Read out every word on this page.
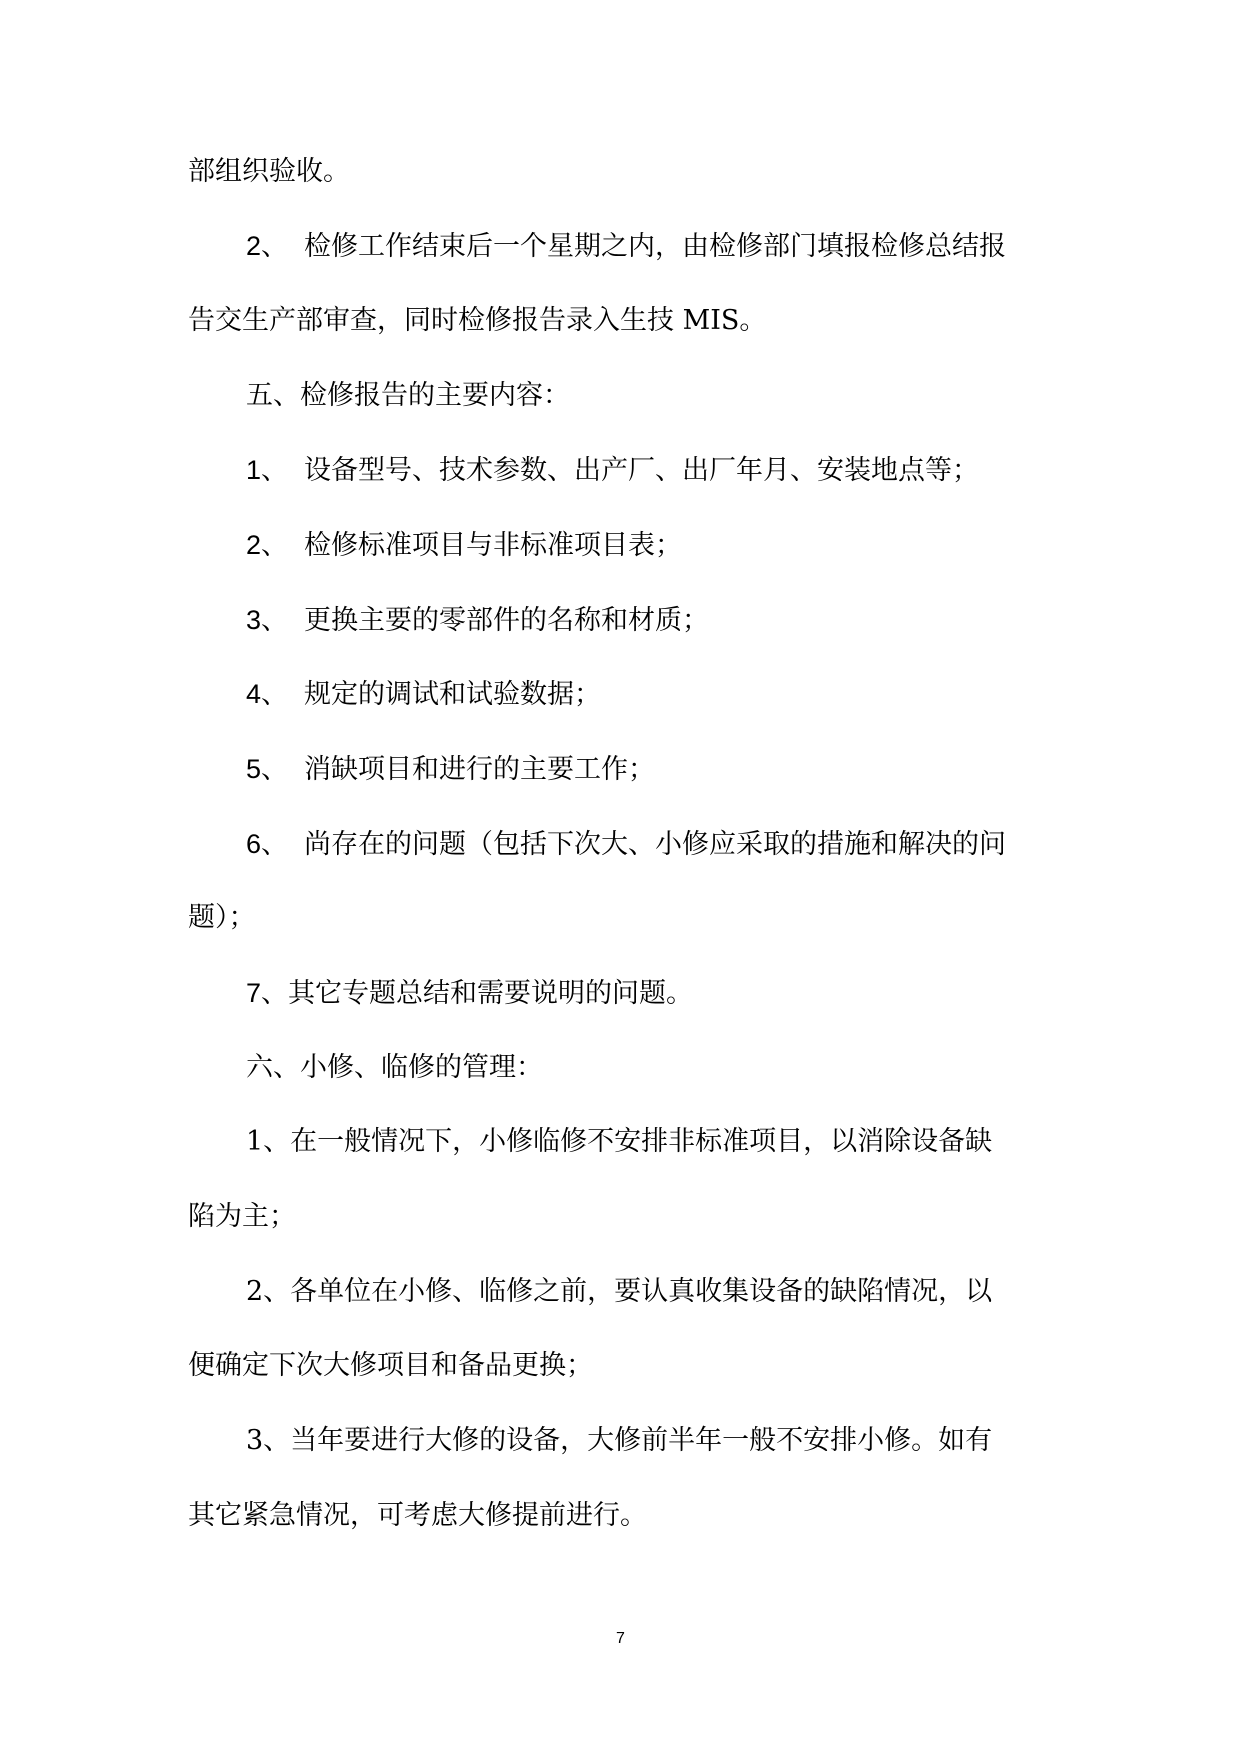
部组织验收。
2、 检修工作结束后一个星期之内，由检修部门填报检修总结报
告交生产部审查，同时检修报告录入生技 MIS。
五、检修报告的主要内容：
1、 设备型号、技术参数、出产厂、出厂年月、安装地点等；
2、 检修标准项目与非标准项目表；
3、 更换主要的零部件的名称和材质；
4、 规定的调试和试验数据；
5、 消缺项目和进行的主要工作；
6、 尚存在的问题（包括下次大、小修应采取的措施和解决的问
题）；
7、其它专题总结和需要说明的问题。
六、小修、临修的管理：
1、在一般情况下，小修临修不安排非标准项目，以消除设备缺
陷为主；
2、各单位在小修、临修之前，要认真收集设备的缺陷情况，以
便确定下次大修项目和备品更换；
3、当年要进行大修的设备，大修前半年一般不安排小修。如有
其它紧急情况，可考虑大修提前进行。
7
